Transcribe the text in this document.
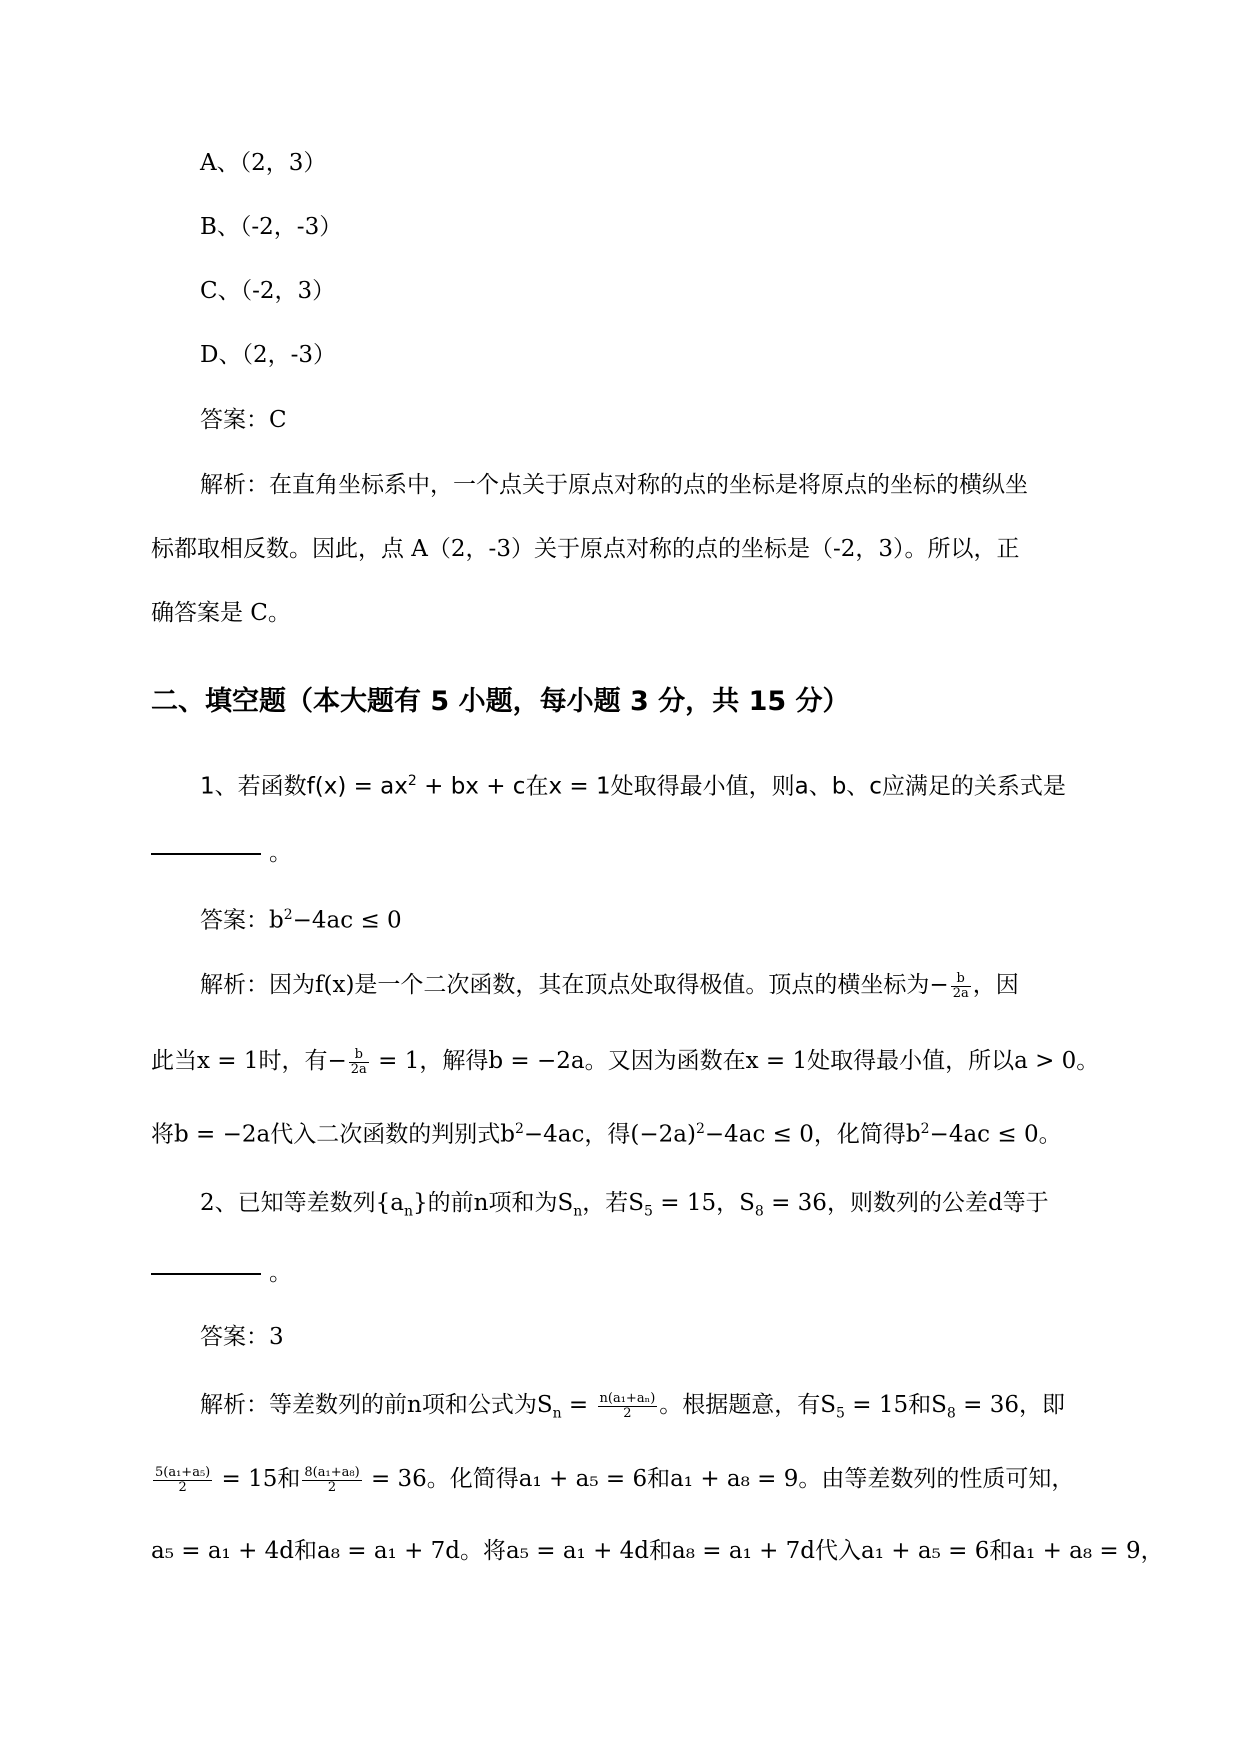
A、（2，3）
B、（-2，-3）
C、（-2，3）
D、（2，-3）
答案：C
解析：在直角坐标系中，一个点关于原点对称的点的坐标是将原点的坐标的横纵坐
标都取相反数。因此，点 A（2，-3）关于原点对称的点的坐标是（-2，3）。所以，正
确答案是 C。
二、填空题（本大题有 5 小题，每小题 3 分，共 15 分）
1、若函数$f(x) = ax^2$ + bx + c在x = 1处取得最小值，则a、b、c应满足的关系式是
。
答案：$b^2-4ac \le 0$
解析：因为f(x)是一个二次函数，其在顶点处取得极值。顶点的横坐标为− $\frac{b}{2a}$ ，因
此当x = 1时，有− $\frac{b}{2a} = 1$，解得b = −2a。又因为函数在x = 1处取得最小值，所以a > 0。
将b = −2a代入二次函数的判别式$b^2-4ac$，得$(-2a)^2-4ac \le 0$，化简得$b^2-4ac \le 0$。
2、已知等差数列$\{a_n\}$的前n项和为$S_n$，若$S_5 = 15$，$S_8 = 36$，则数列的公差d等于
。
答案：3
解析：等差数列的前n项和公式为$S_n = \frac{\text{n(a₁+aₙ)}}{2}$ 。根据题意，有$S_5 = 15$和$S_8 = 36$，即
$\frac{\text{5(a₁+a₅)}}{2} = 15$和 $\frac{\text{8(a₁+a₈)}}{2} = 36$。化简得a₁ + a₅ = 6和a₁ + a₈ = 9。由等差数列的性质可知，
a₅ = a₁ + 4d和a₈ = a₁ + 7d。将a₅ = a₁ + 4d和a₈ = a₁ + 7d代入a₁ + a₅ = 6和a₁ + a₈ = 9，
